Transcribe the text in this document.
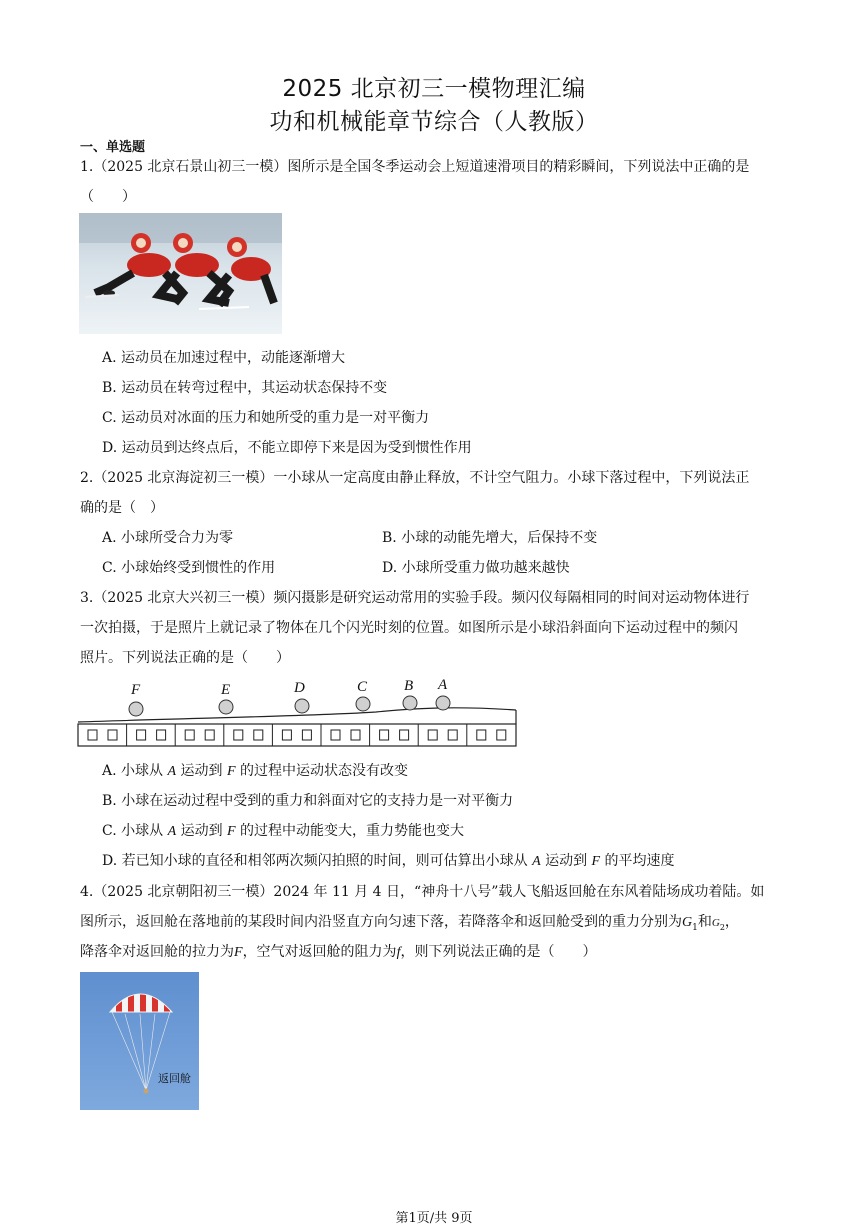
2025 北京初三一模物理汇编
功和机械能章节综合（人教版）
一、单选题
1.（2025 北京石景山初三一模）图所示是全国冬季运动会上短道速滑项目的精彩瞬间，下列说法中正确的是
（　　）
A. 运动员在加速过程中，动能逐渐增大
B. 运动员在转弯过程中，其运动状态保持不变
C. 运动员对冰面的压力和她所受的重力是一对平衡力
D. 运动员到达终点后，不能立即停下来是因为受到惯性作用
2.（2025 北京海淀初三一模）一小球从一定高度由静止释放，不计空气阻力。小球下落过程中，下列说法正
确的是（　）
A. 小球所受合力为零	B. 小球的动能先增大，后保持不变
C. 小球始终受到惯性的作用	D. 小球所受重力做功越来越快
3.（2025 北京大兴初三一模）频闪摄影是研究运动常用的实验手段。频闪仪每隔相同的时间对运动物体进行
一次拍摄，于是照片上就记录了物体在几个闪光时刻的位置。如图所示是小球沿斜面向下运动过程中的频闪
照片。下列说法正确的是（　　）
F	E	D	C B A
A. 小球从 A 运动到 F 的过程中运动状态没有改变
B. 小球在运动过程中受到的重力和斜面对它的支持力是一对平衡力
C. 小球从 A 运动到 F 的过程中动能变大，重力势能也变大
D. 若已知小球的直径和相邻两次频闪拍照的时间，则可估算出小球从 A 运动到 F 的平均速度
4.（2025 北京朝阳初三一模）2024 年 11 月 4 日，“神舟十八号”载人飞船返回舱在东风着陆场成功着陆。如
图所示，返回舱在落地前的某段时间内沿竖直方向匀速下落，若降落伞和返回舱受到的重力分别为$G_1$和$G_2$，
降落伞对返回舱的拉力为F，空气对返回舱的阻力为f，则下列说法正确的是（　　）
返回舱
第1页/共 9页
